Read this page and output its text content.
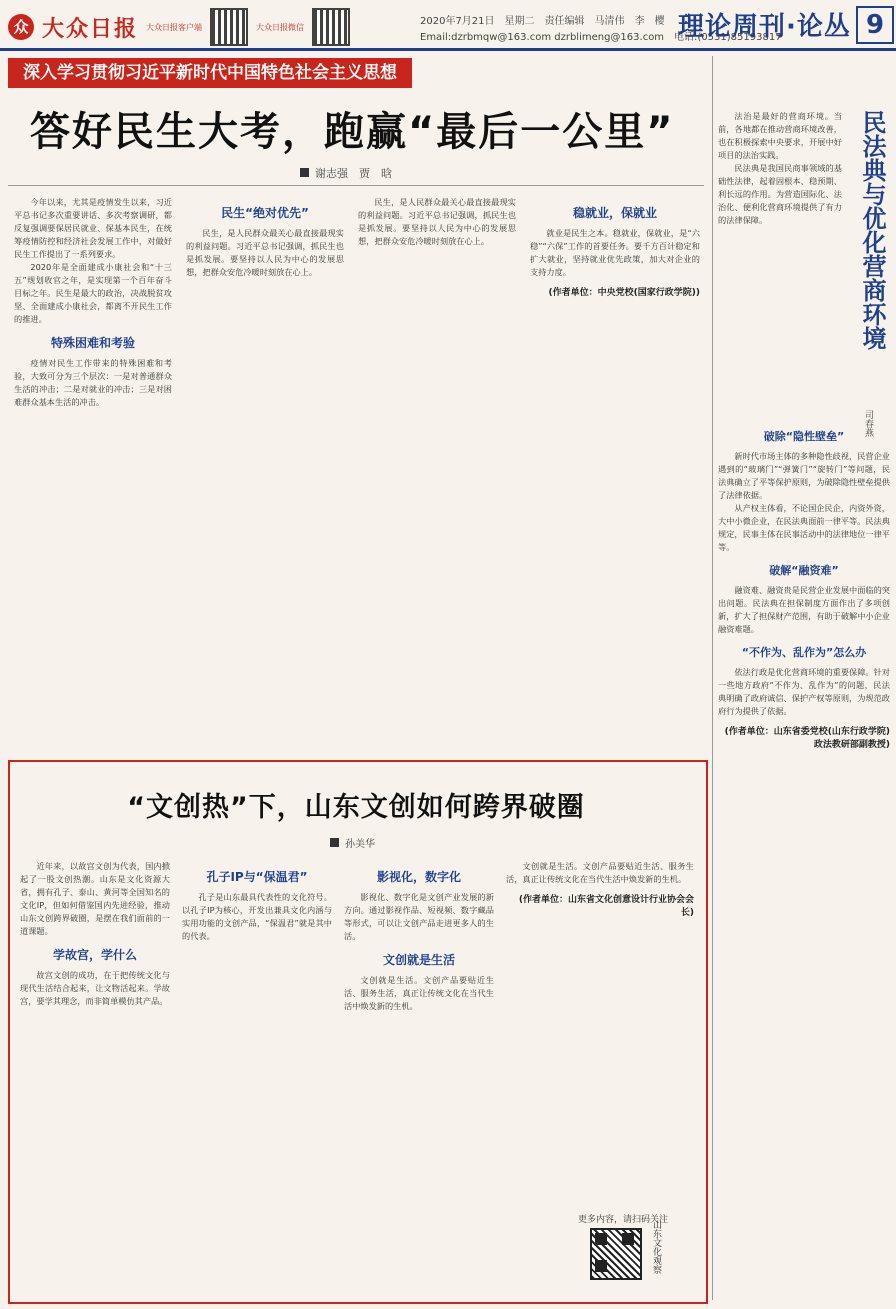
众 大众日报 大众日报客户端	大众日报微信	2020年7月21日　星期二　责任编辑　马清伟　李　樱
Email:dzrbmqw@163.com dzrblimeng@163.com　电话:(0531)85193817
理论周刊·论丛 9
深入学习贯彻习近平新时代中国特色社会主义思想
答好民生大考，跑赢“最后一公里”
谢志强　贾　晗

今年以来，尤其是疫情发生以来，习近平总书记多次重要讲话、多次考察调研，都反复强调要保居民就业、保基本民生，在统筹疫情防控和经济社会发展工作中，对做好民生工作提出了一系列要求。

2020年是全面建成小康社会和“十三五”规划收官之年，是实现第一个百年奋斗目标之年。民生是最大的政治，决战脱贫攻坚、全面建成小康社会，都离不开民生工作的推进。

特殊困难和考验

疫情对民生工作带来的特殊困难和考验，大致可分为三个层次：一是对普通群众生活的冲击；二是对就业的冲击；三是对困难群众基本生活的冲击。

民生“绝对优先”

民生，是人民群众最关心最直接最现实的利益问题。习近平总书记强调，抓民生也是抓发展。要坚持以人民为中心的发展思想，把群众安危冷暖时刻放在心上。

民生，是人民群众最关心最直接最现实的利益问题。习近平总书记强调，抓民生也是抓发展。要坚持以人民为中心的发展思想，把群众安危冷暖时刻放在心上。

稳就业，保就业

就业是民生之本。稳就业，保就业，是“六稳”“六保”工作的首要任务。要千方百计稳定和扩大就业，坚持就业优先政策，加大对企业的支持力度。

(作者单位：中央党校(国家行政学院))
“文创热”下，山东文创如何跨界破圈
孙美华

近年来，以故宫文创为代表，国内掀起了一股文创热潮。山东是文化资源大省，拥有孔子、泰山、黄河等全国知名的文化IP，但如何借鉴国内先进经验，推动山东文创跨界破圈，是摆在我们面前的一道课题。

学故宫，学什么

故宫文创的成功，在于把传统文化与现代生活结合起来，让文物活起来。学故宫，要学其理念，而非简单模仿其产品。

孔子IP与“保温君”

孔子是山东最具代表性的文化符号。以孔子IP为核心，开发出兼具文化内涵与实用功能的文创产品，“保温君”就是其中的代表。

影视化，数字化

影视化、数字化是文创产业发展的新方向。通过影视作品、短视频、数字藏品等形式，可以让文创产品走进更多人的生活。

文创就是生活

文创就是生活。文创产品要贴近生活、服务生活，真正让传统文化在当代生活中焕发新的生机。

文创就是生活。文创产品要贴近生活、服务生活，真正让传统文化在当代生活中焕发新的生机。

(作者单位：山东省文化创意设计行业协会会长)
更多内容，请扫码关注
山东文化观察

法治是最好的营商环境。当前，各地都在推动营商环境改善，也在积极探索中央要求，开展中好项目的法治实践。

民法典是我国民商事领域的基础性法律，起着固根本、稳预期、利长远的作用。为营造国际化、法治化、便利化营商环境提供了有力的法律保障。	民法典与优化营商环境
司春燕
破除“隐性壁垒”

新时代市场主体的多种隐性歧视，民营企业遇到的“玻璃门”“弹簧门”“旋转门”等问题，民法典确立了平等保护原则，为破除隐性壁垒提供了法律依据。

从产权主体看，不论国企民企，内资外资，大中小微企业，在民法典面前一律平等。民法典规定，民事主体在民事活动中的法律地位一律平等。

破解“融资难”

融资难、融资贵是民营企业发展中面临的突出问题。民法典在担保制度方面作出了多项创新，扩大了担保财产范围，有助于破解中小企业融资难题。

“不作为、乱作为”怎么办

依法行政是优化营商环境的重要保障。针对一些地方政府“不作为、乱作为”的问题，民法典明确了政府诚信、保护产权等原则，为规范政府行为提供了依据。

(作者单位：山东省委党校(山东行政学院)政法教研部副教授)
